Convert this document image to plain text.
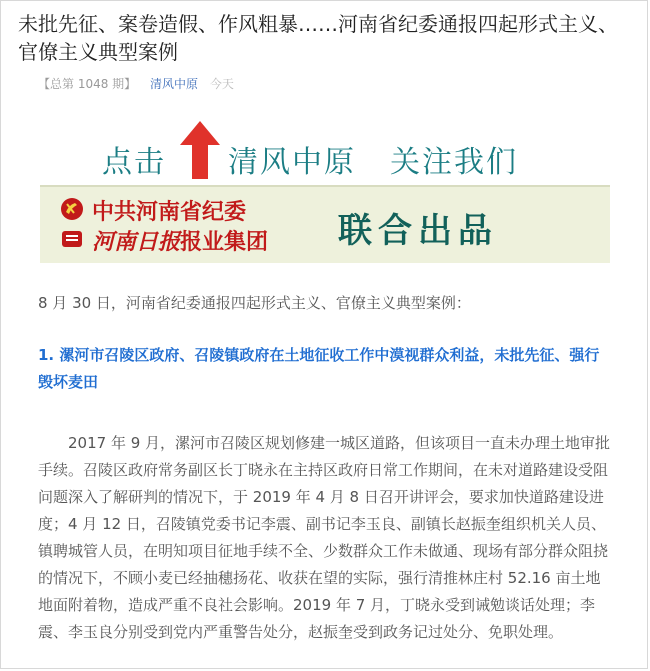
未批先征、案卷造假、作风粗暴……河南省纪委通报四起形式主义、官僚主义典型案例
【总第 1048 期】 清风中原 今天
点击 清风中原 关注我们
中共河南省纪委
河南日报报业集团 联合出品
8 月 30 日，河南省纪委通报四起形式主义、官僚主义典型案例：
1. 漯河市召陵区政府、召陵镇政府在土地征收工作中漠视群众利益，未批先征、强行毁坏麦田
2017 年 9 月，漯河市召陵区规划修建一城区道路，但该项目一直未办理土地审批手续。召陵区政府常务副区长丁晓永在主持区政府日常工作期间，在未对道路建设受阻问题深入了解研判的情况下，于 2019 年 4 月 8 日召开讲评会，要求加快道路建设进度；4 月 12 日，召陵镇党委书记李震、副书记李玉良、副镇长赵振奎组织机关人员、镇聘城管人员，在明知项目征地手续不全、少数群众工作未做通、现场有部分群众阻挠的情况下，不顾小麦已经抽穗扬花、收获在望的实际，强行清推林庄村 52.16 亩土地地面附着物，造成严重不良社会影响。2019 年 7 月，丁晓永受到诫勉谈话处理；李震、李玉良分别受到党内严重警告处分，赵振奎受到政务记过处分、免职处理。
